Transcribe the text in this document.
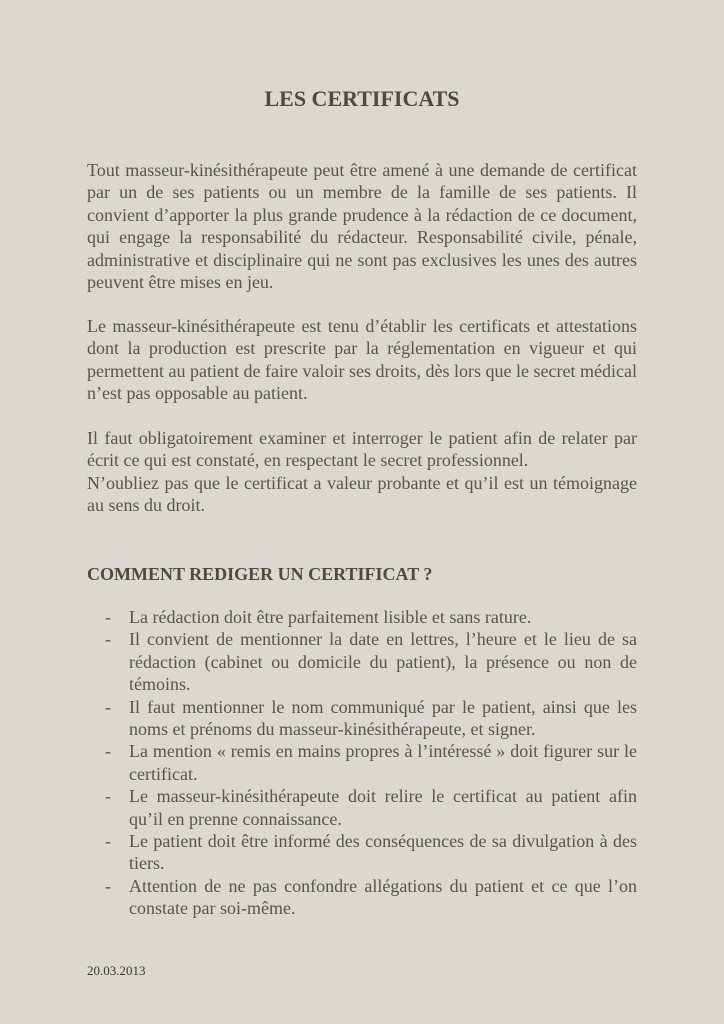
LES CERTIFICATS

Tout masseur-kinésithérapeute peut être amené à une demande de certificat par un de ses patients ou un membre de la famille de ses patients. Il convient d’apporter la plus grande prudence à la rédaction de ce document, qui engage la responsabilité du rédacteur. Responsabilité civile, pénale, administrative et disciplinaire qui ne sont pas exclusives les unes des autres peuvent être mises en jeu.

Le masseur-kinésithérapeute est tenu d’établir les certificats et attestations dont la production est prescrite par la réglementation en vigueur et qui permettent au patient de faire valoir ses droits, dès lors que le secret médical n’est pas opposable au patient.

Il faut obligatoirement examiner et interroger le patient afin de relater par écrit ce qui est constaté, en respectant le secret professionnel.

N’oubliez pas que le certificat a valeur probante et qu’il est un témoignage au sens du droit.

COMMENT REDIGER UN CERTIFICAT ?
- La rédaction doit être parfaitement lisible et sans rature.
- Il convient de mentionner la date en lettres, l’heure et le lieu de sa rédaction (cabinet ou domicile du patient), la présence ou non de témoins.
- Il faut mentionner le nom communiqué par le patient, ainsi que les noms et prénoms du masseur-kinésithérapeute, et signer.
- La mention « remis en mains propres à l’intéressé » doit figurer sur le certificat.
- Le masseur-kinésithérapeute doit relire le certificat au patient afin qu’il en prenne connaissance.
- Le patient doit être informé des conséquences de sa divulgation à des tiers.
- Attention de ne pas confondre allégations du patient et ce que l’on constate par soi-même.

20.03.2013
